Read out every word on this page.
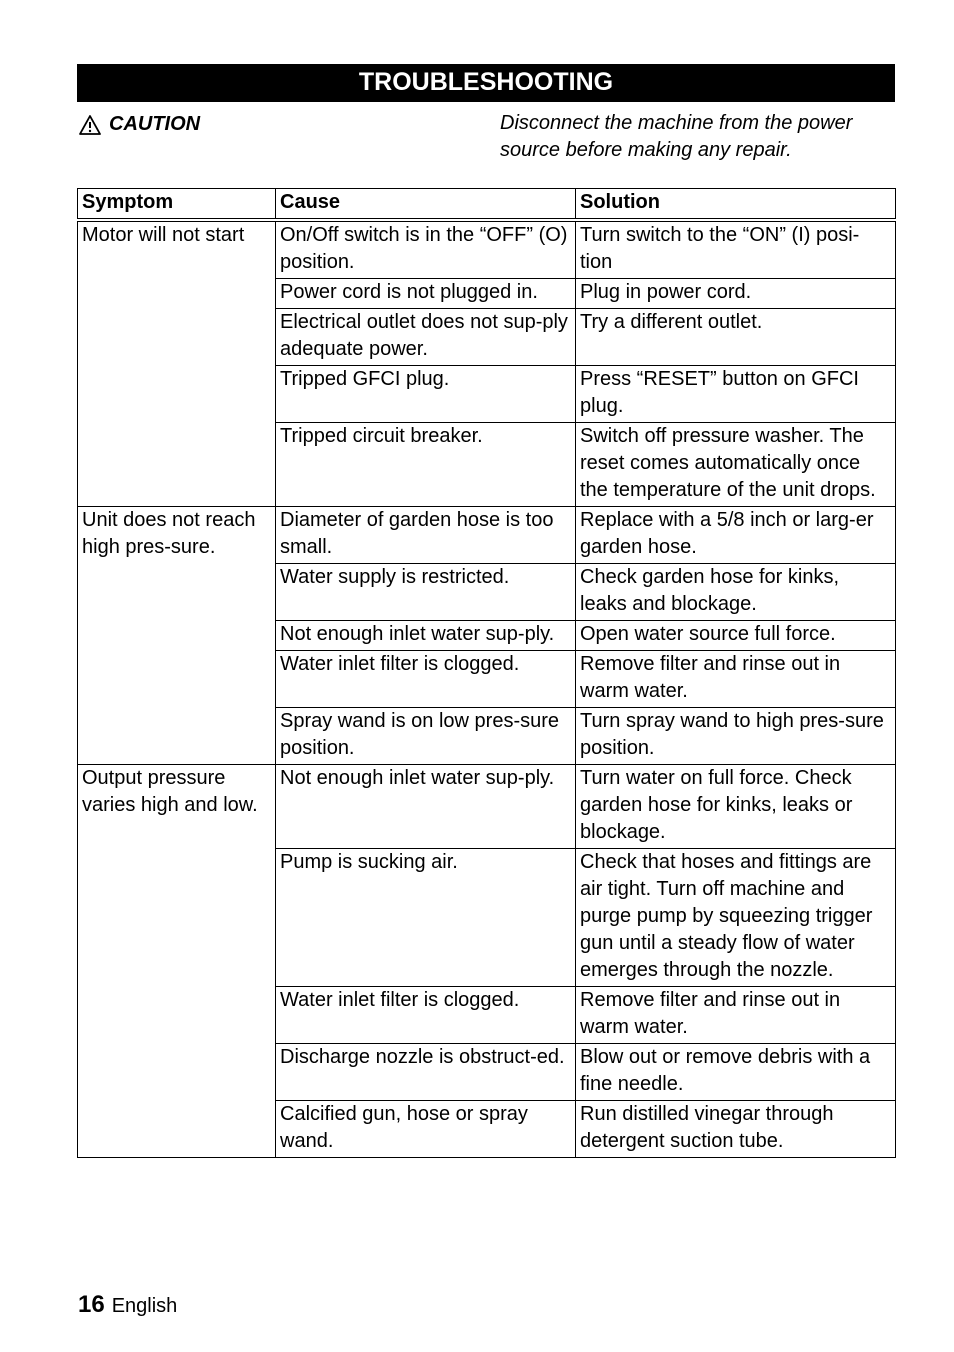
TROUBLESHOOTING
CAUTION	Disconnect the machine from the power source before making any repair.
Symptom	Cause	Solution
Motor will not start	On/Off switch is in the “OFF” (O) position.	Turn switch to the “ON” (I) posi-tion
	Power cord is not plugged in.	Plug in power cord.
	Electrical outlet does not sup-ply adequate power.	Try a different outlet.
	Tripped GFCI plug.	Press “RESET” button on GFCI plug.
	Tripped circuit breaker.	Switch off pressure washer. The reset comes automatically once the temperature of the unit drops.
Unit does not reach high pres-sure.	Diameter of garden hose is too small.	Replace with a 5/8 inch or larg-er garden hose.
	Water supply is restricted.	Check garden hose for kinks, leaks and blockage.
	Not enough inlet water sup-ply.	Open water source full force.
	Water inlet filter is clogged.	Remove filter and rinse out in warm water.
	Spray wand is on low pres-sure position.	Turn spray wand to high pres-sure position.
Output pressure varies high and low.	Not enough inlet water sup-ply.	Turn water on full force. Check garden hose for kinks, leaks or blockage.
	Pump is sucking air.	Check that hoses and fittings are air tight. Turn off machine and purge pump by squeezing trigger gun until a steady flow of water emerges through the nozzle.
	Water inlet filter is clogged.	Remove filter and rinse out in warm water.
	Discharge nozzle is obstruct-ed.	Blow out or remove debris with a fine needle.
	Calcified gun, hose or spray wand.	Run distilled vinegar through detergent suction tube.
16 English
